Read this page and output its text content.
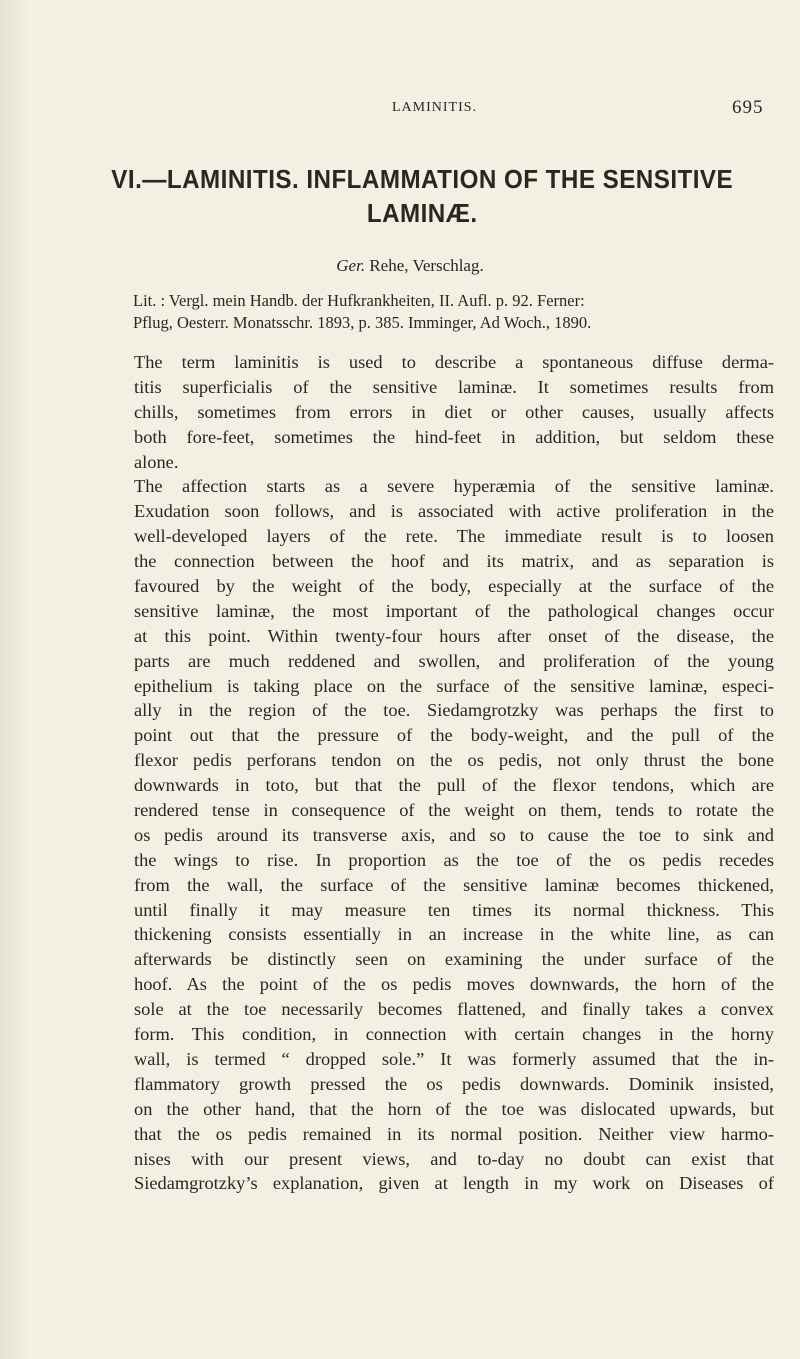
LAMINITIS.	695
VI.—LAMINITIS. INFLAMMATION OF THE SENSITIVE
LAMINÆ.
Ger. Rehe, Verschlag.
Lit. : Vergl. mein Handb. der Hufkrankheiten, II. Aufl. p. 92. Ferner:
Pflug, Oesterr. Monatsschr. 1893, p. 385. Imminger, Ad Woch., 1890.
The term laminitis is used to describe a spontaneous diffuse derma-
titis superficialis of the sensitive laminæ. It sometimes results from
chills, sometimes from errors in diet or other causes, usually affects
both fore-feet, sometimes the hind-feet in addition, but seldom these
alone.
The affection starts as a severe hyperæmia of the sensitive laminæ.
Exudation soon follows, and is associated with active proliferation in the
well-developed layers of the rete. The immediate result is to loosen
the connection between the hoof and its matrix, and as separation is
favoured by the weight of the body, especially at the surface of the
sensitive laminæ, the most important of the pathological changes occur
at this point. Within twenty-four hours after onset of the disease, the
parts are much reddened and swollen, and proliferation of the young
epithelium is taking place on the surface of the sensitive laminæ, especi-
ally in the region of the toe. Siedamgrotzky was perhaps the first to
point out that the pressure of the body-weight, and the pull of the
flexor pedis perforans tendon on the os pedis, not only thrust the bone
downwards in toto, but that the pull of the flexor tendons, which are
rendered tense in consequence of the weight on them, tends to rotate the
os pedis around its transverse axis, and so to cause the toe to sink and
the wings to rise. In proportion as the toe of the os pedis recedes
from the wall, the surface of the sensitive laminæ becomes thickened,
until finally it may measure ten times its normal thickness. This
thickening consists essentially in an increase in the white line, as can
afterwards be distinctly seen on examining the under surface of the
hoof. As the point of the os pedis moves downwards, the horn of the
sole at the toe necessarily becomes flattened, and finally takes a convex
form. This condition, in connection with certain changes in the horny
wall, is termed “ dropped sole.” It was formerly assumed that the in-
flammatory growth pressed the os pedis downwards. Dominik insisted,
on the other hand, that the horn of the toe was dislocated upwards, but
that the os pedis remained in its normal position. Neither view harmo-
nises with our present views, and to-day no doubt can exist that
Siedamgrotzky’s explanation, given at length in my work on Diseases of
